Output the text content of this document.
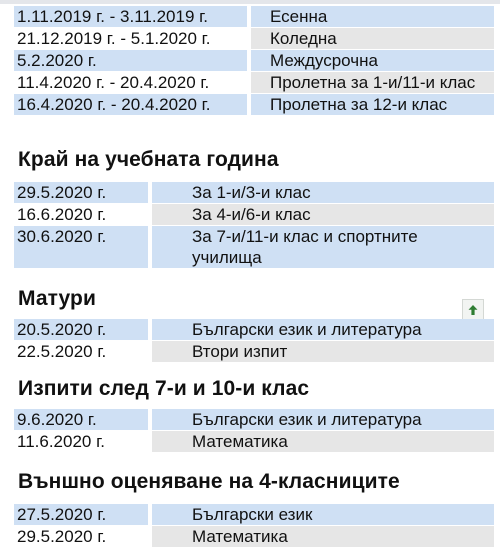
1.11.2019 г. - 3.11.2019 г.	Есенна
21.12.2019 г. - 5.1.2020 г.	Коледна
5.2.2020 г.	Междусрочна
11.4.2020 г. - 20.4.2020 г.	Пролетна за 1-и/11-и клас
16.4.2020 г. - 20.4.2020 г.	Пролетна за 12-и клас
Край на учебната година
29.5.2020 г.	За 1-и/3-и клас
16.6.2020 г.	За 4-и/6-и клас
30.6.2020 г.	За 7-и/11-и клас и спортните училища
Матури
20.5.2020 г.	Български език и литература
22.5.2020 г.	Втори изпит
Изпити след 7-и и 10-и клас
9.6.2020 г.	Български език и литература
11.6.2020 г.	Математика
Външно оценяване на 4-класниците
27.5.2020 г.	Български език
29.5.2020 г.	Математика
